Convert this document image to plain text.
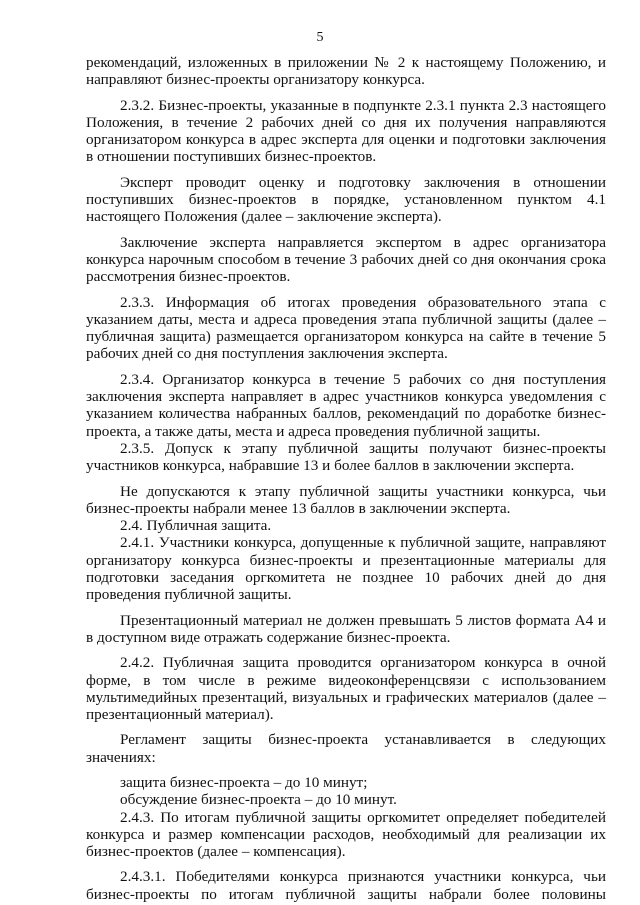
5

рекомендаций, изложенных в приложении № 2 к настоящему Положению, и направляют бизнес-проекты организатору конкурса.

2.3.2. Бизнес-проекты, указанные в подпункте 2.3.1 пункта 2.3 настоящего Положения, в течение 2 рабочих дней со дня их получения направляются организатором конкурса в адрес эксперта для оценки и подготовки заключения в отношении поступивших бизнес-проектов.

Эксперт проводит оценку и подготовку заключения в отношении поступивших бизнес-проектов в порядке, установленном пунктом 4.1 настоящего Положения (далее – заключение эксперта).

Заключение эксперта направляется экспертом в адрес организатора конкурса нарочным способом в течение 3 рабочих дней со дня окончания срока рассмотрения бизнес-проектов.

2.3.3. Информация об итогах проведения образовательного этапа с указанием даты, места и адреса проведения этапа публичной защиты (далее – публичная защита) размещается организатором конкурса на сайте в течение 5 рабочих дней со дня поступления заключения эксперта.

2.3.4. Организатор конкурса в течение 5 рабочих со дня поступления заключения эксперта направляет в адрес участников конкурса уведомления с указанием количества набранных баллов, рекомендаций по доработке бизнес-проекта, а также даты, места и адреса проведения публичной защиты.

2.3.5. Допуск к этапу публичной защиты получают бизнес-проекты участников конкурса, набравшие 13 и более баллов в заключении эксперта.

Не допускаются к этапу публичной защиты участники конкурса, чьи бизнес-проекты набрали менее 13 баллов в заключении эксперта.

2.4. Публичная защита.

2.4.1. Участники конкурса, допущенные к публичной защите, направляют организатору конкурса бизнес-проекты и презентационные материалы для подготовки заседания оргкомитета не позднее 10 рабочих дней до дня проведения публичной защиты.

Презентационный материал не должен превышать 5 листов формата А4 и в доступном виде отражать содержание бизнес-проекта.

2.4.2. Публичная защита проводится организатором конкурса в очной форме, в том числе в режиме видеоконференцсвязи с использованием мультимедийных презентаций, визуальных и графических материалов (далее – презентационный материал).

Регламент защиты бизнес-проекта устанавливается в следующих значениях:

защита бизнес-проекта – до 10 минут;

обсуждение бизнес-проекта – до 10 минут.

2.4.3. По итогам публичной защиты оргкомитет определяет победителей конкурса и размер компенсации расходов, необходимый для реализации их бизнес-проектов (далее – компенсация).

2.4.3.1. Победителями конкурса признаются участники конкурса, чьи бизнес-проекты по итогам публичной защиты набрали более половины
